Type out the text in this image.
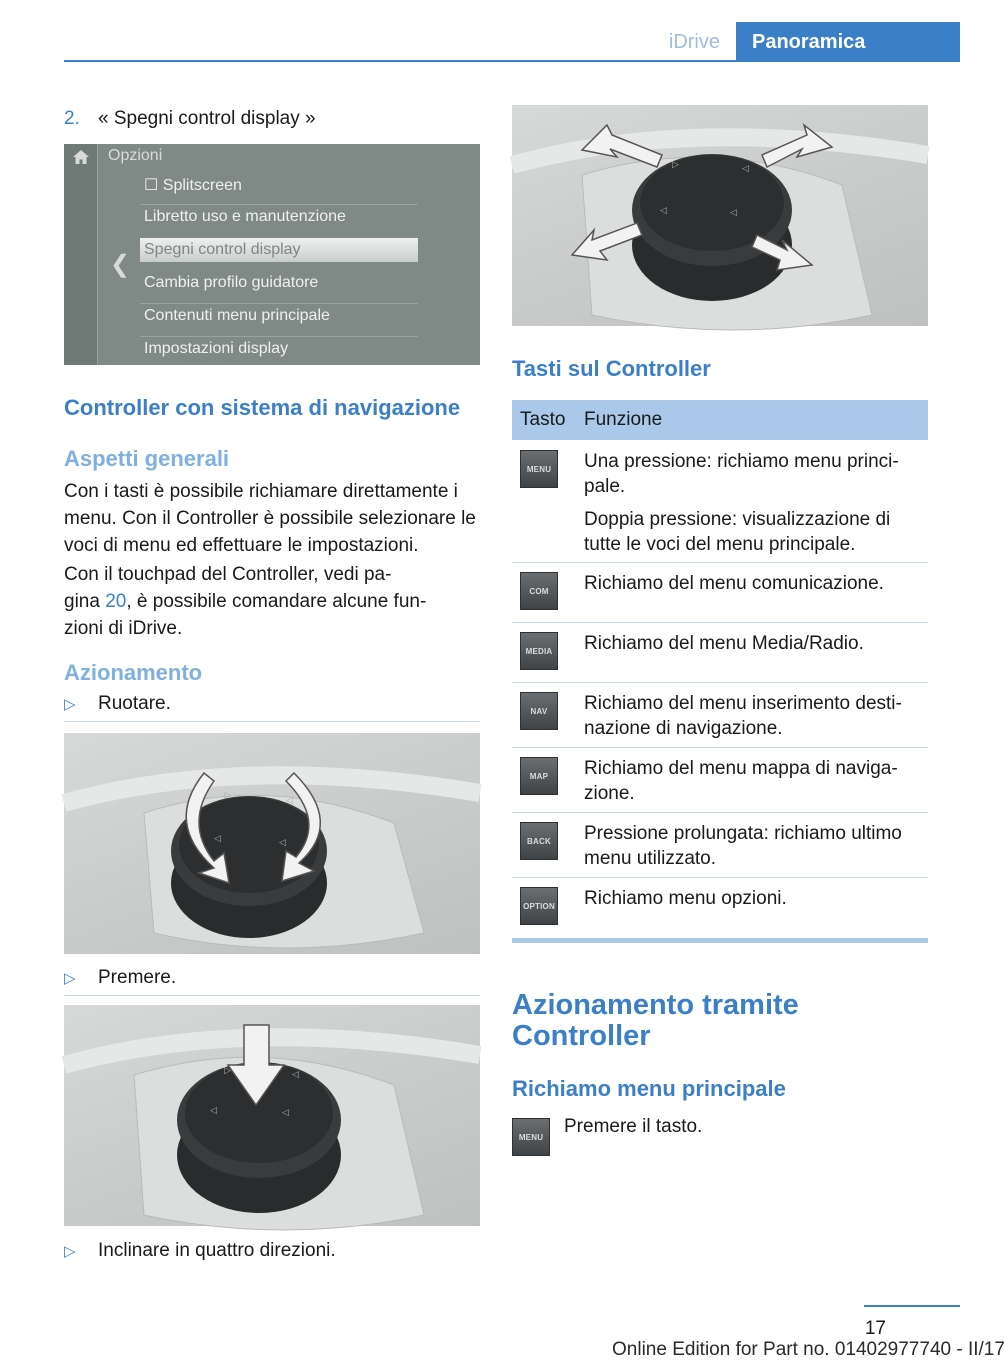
iDrive	Panoramica
2. « Spegni control display »
Opzioni
❮
☐ Splitscreen
Libretto uso e manutenzione
Spegni control display
Cambia profilo guidatore
Contenuti menu principale
Impostazioni display
Controller con sistema di navigazione
Aspetti generali
Con i tasti è possibile richiamare direttamente i menu. Con il Controller è possibile selezionare le voci di menu ed effettuare le impostazioni.
Con il touchpad del Controller, vedi pa‐
gina 20, è possibile comandare alcune fun‐
zioni di iDrive.
Azionamento
▷ Ruotare.
▷	◁
◁	◁
▷ Premere.
▷	◁
◁	◁
▷ Inclinare in quattro direzioni.
▷	◁
◁	◁
Tasti sul Controller
Tasto Funzione
MENU	Una pressione: richiamo menu princi‐
pale.
Doppia pressione: visualizzazione di
tutte le voci del menu principale.
COM	Richiamo del menu comunicazione.
MEDIA Richiamo del menu Media/Radio.
NAV	Richiamo del menu inserimento desti‐
nazione di navigazione.
MAP	Richiamo del menu mappa di naviga‐
zione.
BACK	Pressione prolungata: richiamo ultimo
menu utilizzato.
OPTION Richiamo menu opzioni.
Azionamento tramite
Controller
Richiamo menu principale
MENU	Premere il tasto.
17
Online Edition for Part no. 01402977740 - II/17
